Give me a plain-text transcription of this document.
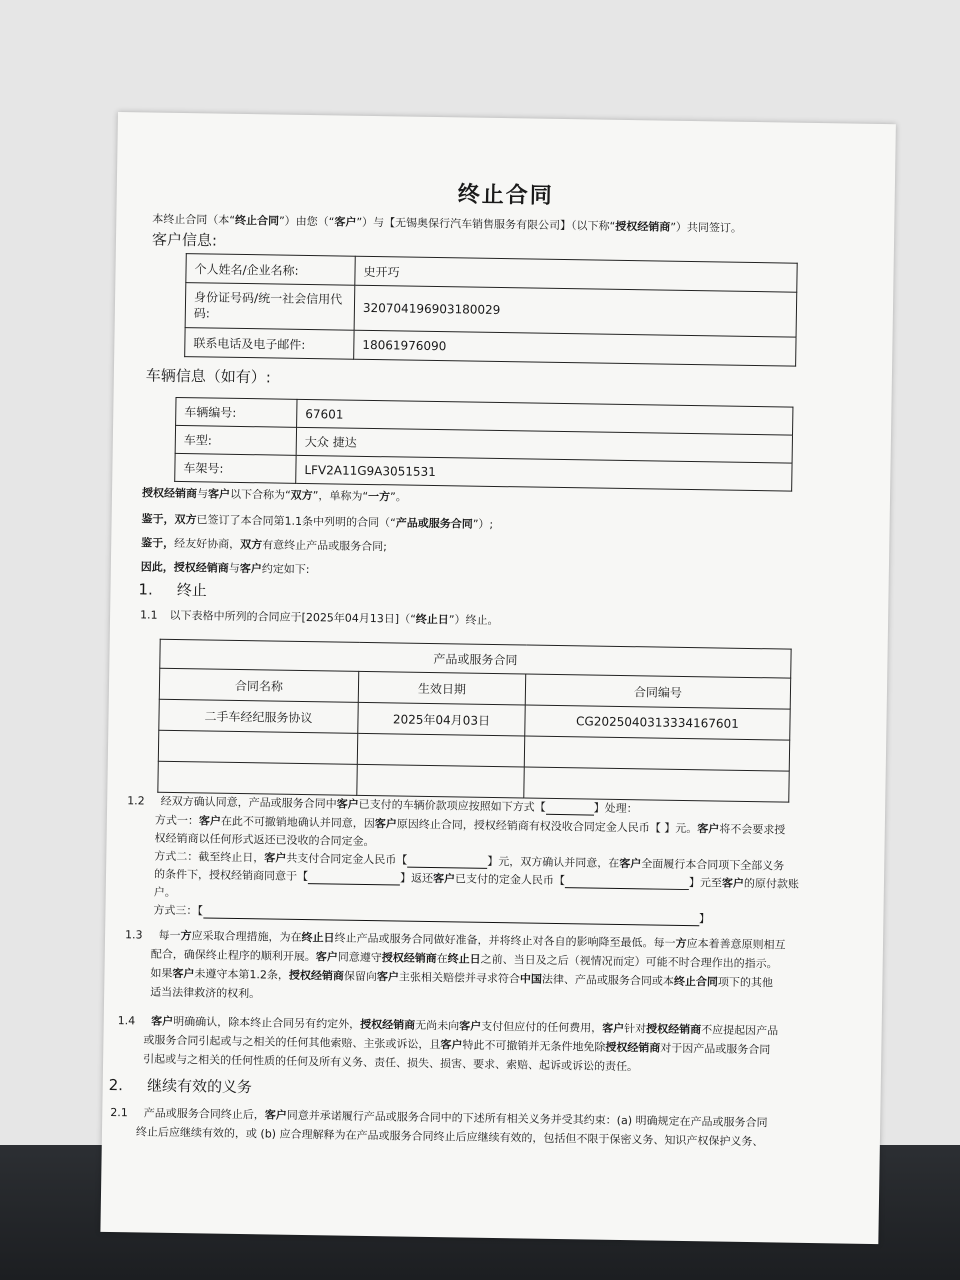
终止合同
本终止合同（本“终止合同”）由您（“客户”）与【无锡奥保行汽车销售服务有限公司】（以下称“授权经销商”）共同签订。
客户信息:
个人姓名/企业名称:	史开巧
身份证号码/统一社会信用代码:	320704196903180029
联系电话及电子邮件:	18061976090
车辆信息（如有）:
车辆编号:	67601
车型:	大众 捷达
车架号:	LFV2A11G9A3051531
授权经销商与客户以下合称为“双方”，单称为“一方”。
鉴于，双方已签订了本合同第1.1条中列明的合同（“产品或服务合同”）;
鉴于，经友好协商，双方有意终止产品或服务合同;
因此，授权经销商与客户约定如下:
1. 终止
1.1 以下表格中所列的合同应于[2025年04月13日]（“终止日”）终止。
产品或服务合同		
合同名称	生效日期	合同编号
二手车经纪服务协议	2025年04月03日	CG2025040313334167601

1.2 经双方确认同意，产品或服务合同中客户已支付的车辆价款项应按照如下方式【	】处理：
方式一：客户在此不可撤销地确认并同意，因客户原因终止合同，授权经销商有权没收合同定金人民币【 】元。客户将不会要求授
权经销商以任何形式返还已没收的合同定金。
方式二：截至终止日，客户共支付合同定金人民币【	】元，双方确认并同意，在客户全面履行本合同项下全部义务
的条件下，授权经销商同意于【	】返还客户已支付的定金人民币【	】元至客户的原付款账
户。
方式三：【】
1.3 每一方应采取合理措施，为在终止日终止产品或服务合同做好准备，并将终止对各自的影响降至最低。每一方应本着善意原则相互
配合，确保终止程序的顺利开展。客户同意遵守授权经销商在终止日之前、当日及之后（视情况而定）可能不时合理作出的指示。
如果客户未遵守本第1.2条，授权经销商保留向客户主张相关赔偿并寻求符合中国法律、产品或服务合同或本终止合同项下的其他
适当法律救济的权利。
1.4 客户明确确认，除本终止合同另有约定外，授权经销商无尚未向客户支付但应付的任何费用，客户针对授权经销商不应提起因产品
或服务合同引起或与之相关的任何其他索赔、主张或诉讼，且客户特此不可撤销并无条件地免除授权经销商对于因产品或服务合同
引起或与之相关的任何性质的任何及所有义务、责任、损失、损害、要求、索赔、起诉或诉讼的责任。
2. 继续有效的义务
2.1 产品或服务合同终止后，客户同意并承诺履行产品或服务合同中的下述所有相关义务并受其约束：(a) 明确规定在产品或服务合同
终止后应继续有效的，或 (b) 应合理解释为在产品或服务合同终止后应继续有效的，包括但不限于保密义务、知识产权保护义务、
